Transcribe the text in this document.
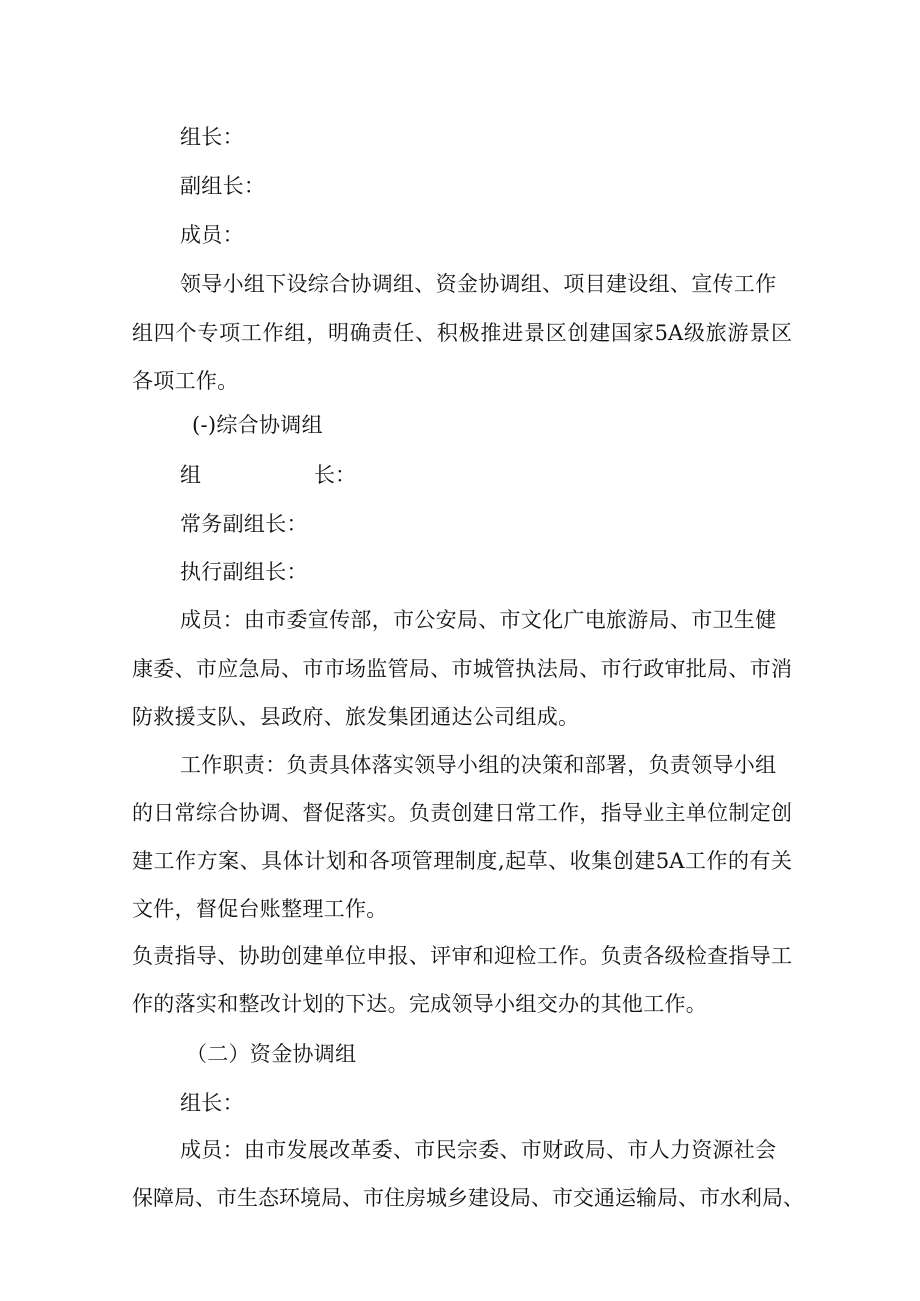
组长：
副组长：
成员：
领导小组下设综合协调组、资金协调组、项目建设组、宣传工作
组四个专项工作组，明确责任、积极推进景区创建国家5A级旅游景区
各项工作。
(-)综合协调组
组	长：
常务副组长：
执行副组长：
成员：由市委宣传部，市公安局、市文化广电旅游局、市卫生健
康委、市应急局、市市场监管局、市城管执法局、市行政审批局、市消
防救援支队、县政府、旅发集团通达公司组成。
工作职责：负责具体落实领导小组的决策和部署，负责领导小组
的日常综合协调、督促落实。负责创建日常工作，指导业主单位制定创
建工作方案、具体计划和各项管理制度,起草、收集创建5A工作的有关
文件，督促台账整理工作。
负责指导、协助创建单位申报、评审和迎检工作。负责各级检查指导工
作的落实和整改计划的下达。完成领导小组交办的其他工作。
（二）资金协调组
组长：
成员：由市发展改革委、市民宗委、市财政局、市人力资源社会
保障局、市生态环境局、市住房城乡建设局、市交通运输局、市水利局、
